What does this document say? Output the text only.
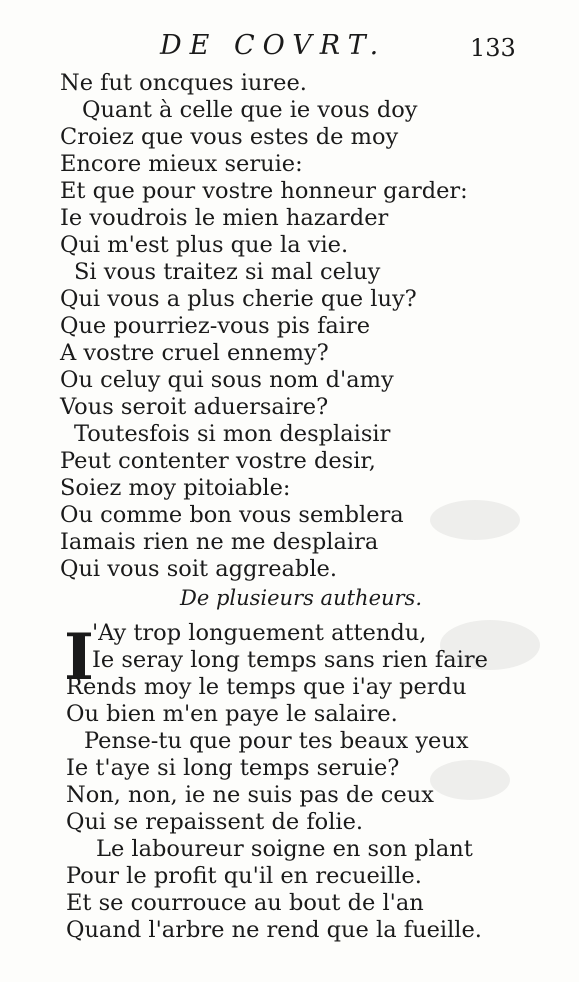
DE COVRT.	133
Ne fut oncques iuree.
Quant à celle que ie vous doy
Croiez que vous estes de moy
Encore mieux seruie:
Et que pour vostre honneur garder:
Ie voudrois le mien hazarder
Qui m'est plus que la vie.
Si vous traitez si mal celuy
Qui vous a plus cherie que luy?
Que pourriez-vous pis faire
A vostre cruel ennemy?
Ou celuy qui sous nom d'amy
Vous seroit aduersaire?
Toutesfois si mon desplaisir
Peut contenter vostre desir,
Soiez moy pitoiable:
Ou comme bon vous semblera
Iamais rien ne me desplaira
Qui vous soit aggreable.
De plusieurs autheurs.
I
'Ay trop longuement attendu,
Ie seray long temps sans rien faire
Rends moy le temps que i'ay perdu
Ou bien m'en paye le salaire.
Pense-tu que pour tes beaux yeux
Ie t'aye si long temps seruie?
Non, non, ie ne suis pas de ceux
Qui se repaissent de folie.
Le laboureur soigne en son plant
Pour le profit qu'il en recueille.
Et se courrouce au bout de l'an
Quand l'arbre ne rend que la fueille.
